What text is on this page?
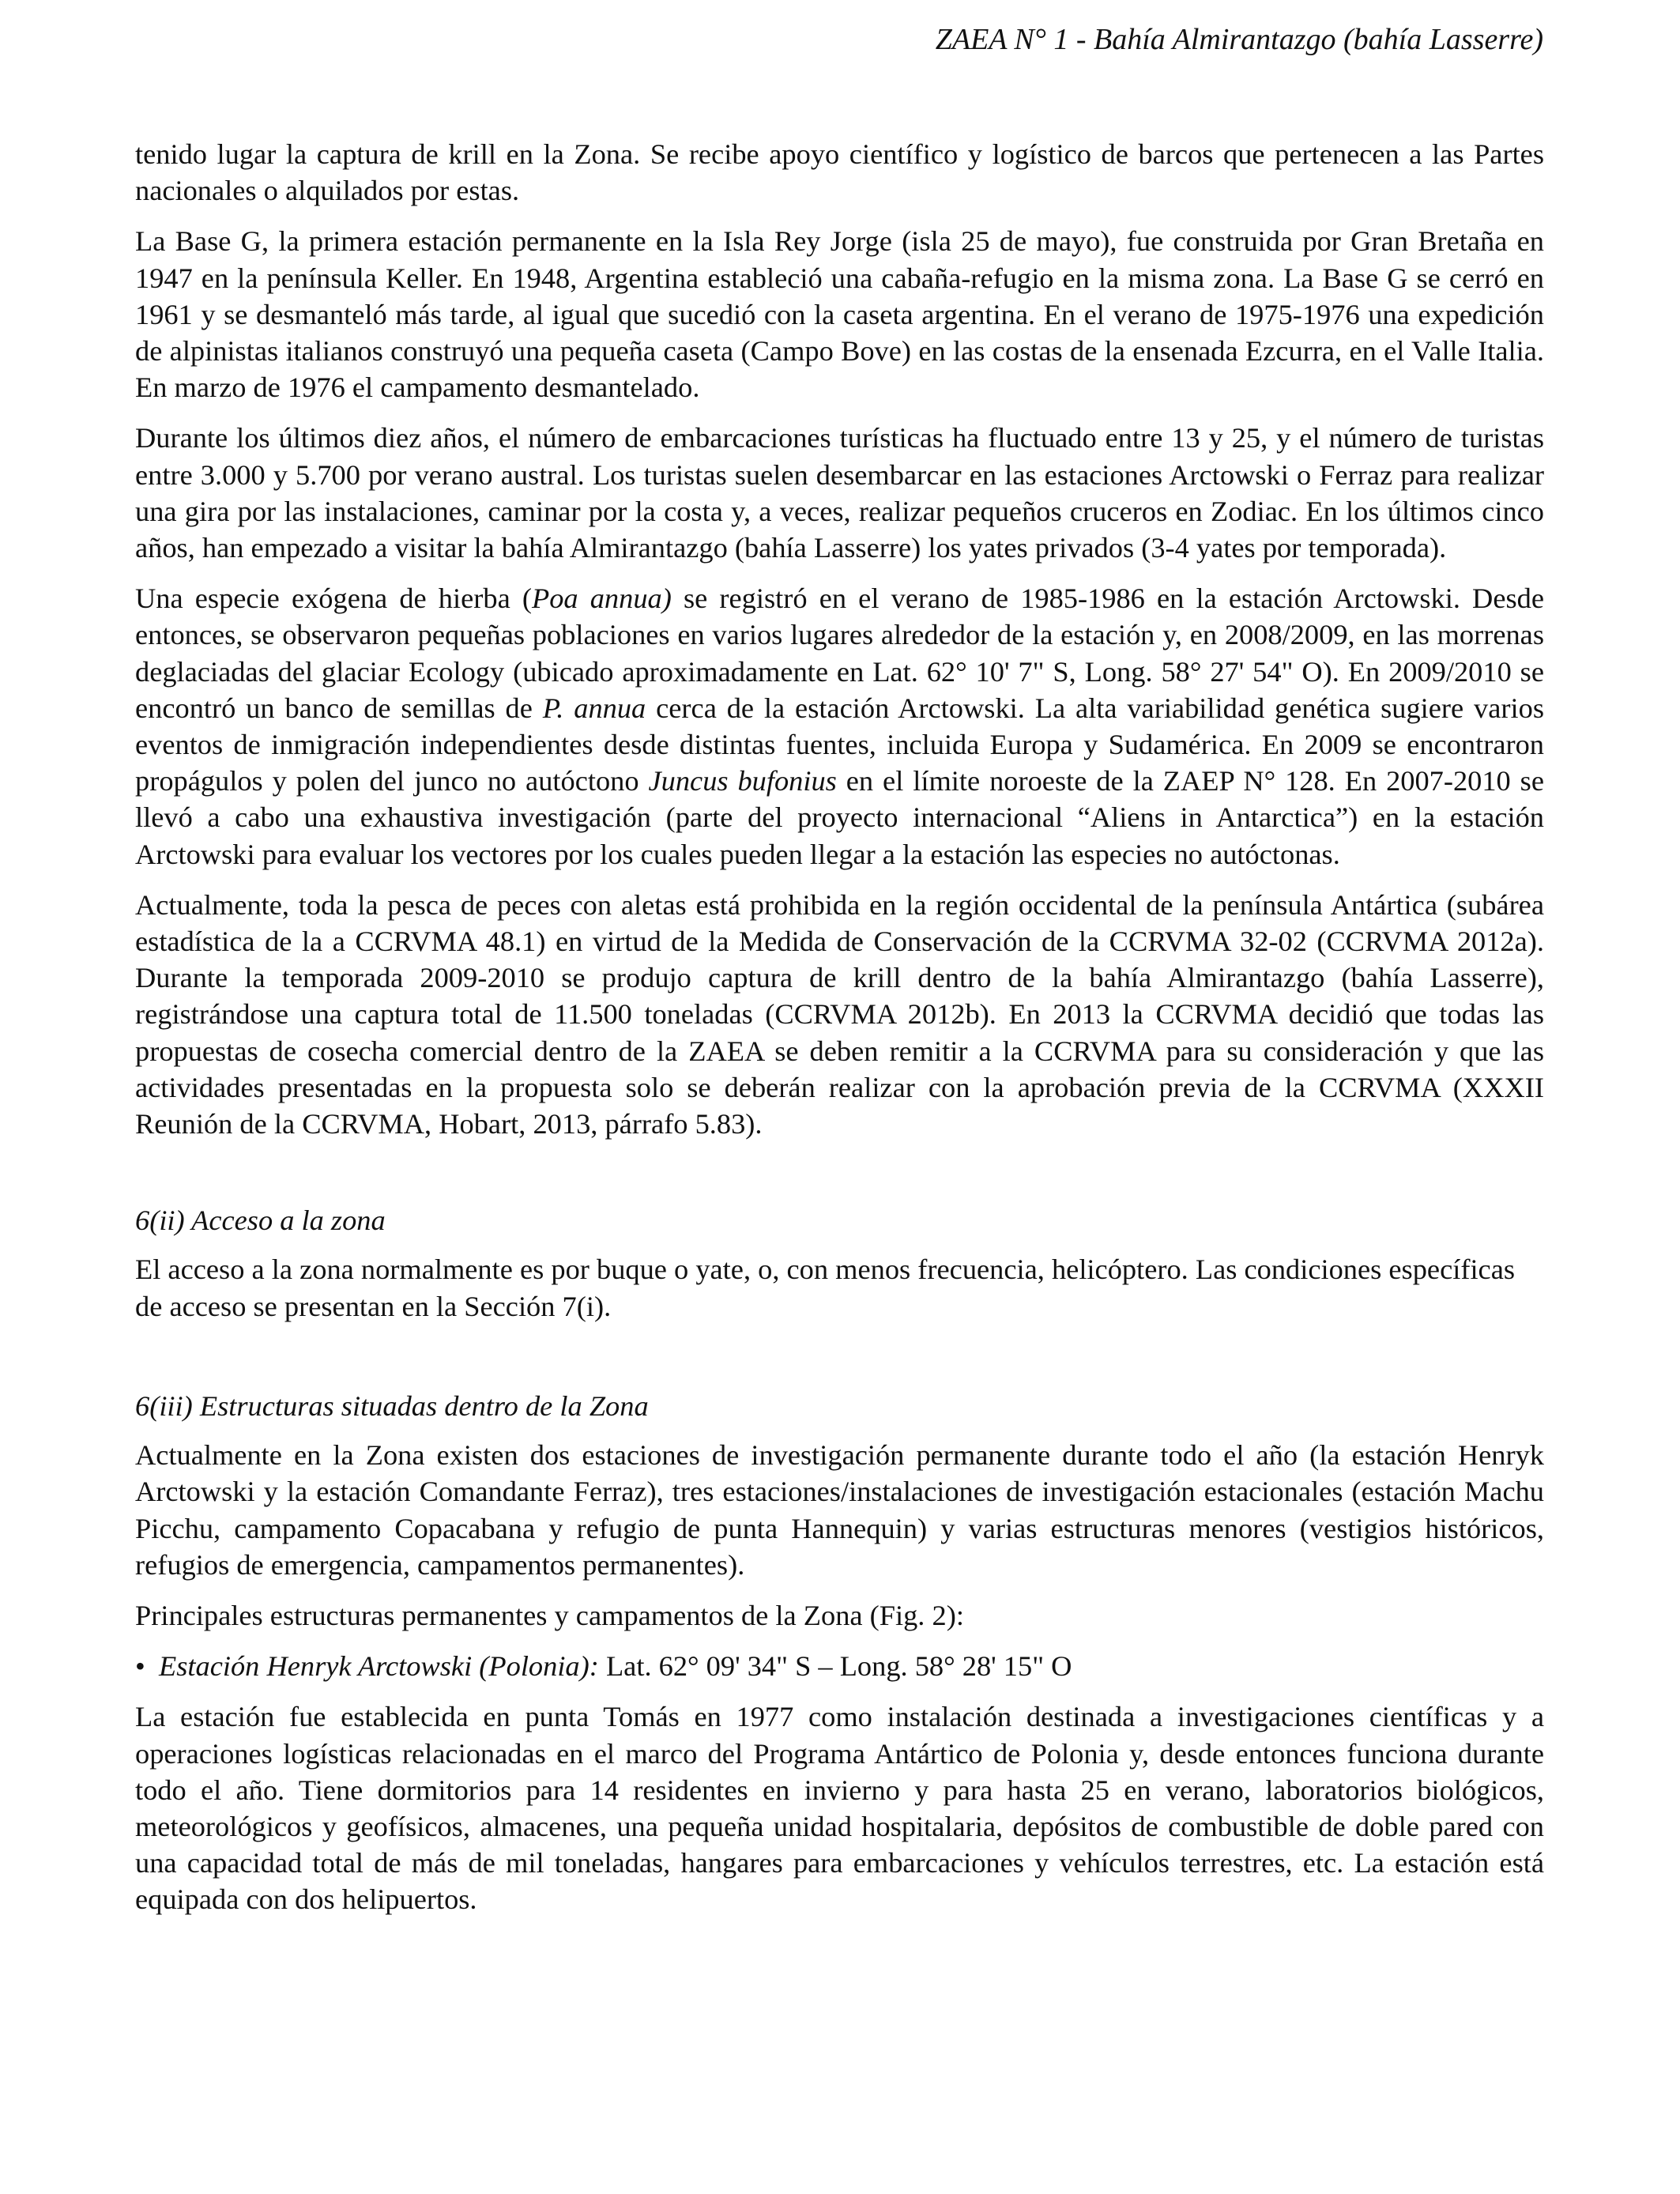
ZAEA N° 1 - Bahía Almirantazgo (bahía Lasserre)

tenido lugar la captura de krill en la Zona. Se recibe apoyo científico y logístico de barcos que pertenecen a las Partes nacionales o alquilados por estas.

La Base G, la primera estación permanente en la Isla Rey Jorge (isla 25 de mayo), fue construida por Gran Bretaña en 1947 en la península Keller. En 1948, Argentina estableció una cabaña-refugio en la misma zona. La Base G se cerró en 1961 y se desmanteló más tarde, al igual que sucedió con la caseta argentina. En el verano de 1975-1976 una expedición de alpinistas italianos construyó una pequeña caseta (Campo Bove) en las costas de la ensenada Ezcurra, en el Valle Italia. En marzo de 1976 el campamento desmantelado.

Durante los últimos diez años, el número de embarcaciones turísticas ha fluctuado entre 13 y 25, y el número de turistas entre 3.000 y 5.700 por verano austral. Los turistas suelen desembarcar en las estaciones Arctowski o Ferraz para realizar una gira por las instalaciones, caminar por la costa y, a veces, realizar pequeños cruceros en Zodiac. En los últimos cinco años, han empezado a visitar la bahía Almirantazgo (bahía Lasserre) los yates privados (3-4 yates por temporada).

Una especie exógena de hierba (Poa annua) se registró en el verano de 1985-1986 en la estación Arctowski. Desde entonces, se observaron pequeñas poblaciones en varios lugares alrededor de la estación y, en 2008/2009, en las morrenas deglaciadas del glaciar Ecology (ubicado aproximadamente en Lat. 62° 10' 7" S, Long. 58° 27' 54" O). En 2009/2010 se encontró un banco de semillas de P. annua cerca de la estación Arctowski. La alta variabilidad genética sugiere varios eventos de inmigración independientes desde distintas fuentes, incluida Europa y Sudamérica. En 2009 se encontraron propágulos y polen del junco no autóctono Juncus bufonius en el límite noroeste de la ZAEP N° 128. En 2007-2010 se llevó a cabo una exhaustiva investigación (parte del proyecto internacional “Aliens in Antarctica”) en la estación Arctowski para evaluar los vectores por los cuales pueden llegar a la estación las especies no autóctonas.

Actualmente, toda la pesca de peces con aletas está prohibida en la región occidental de la península Antártica (subárea estadística de la a CCRVMA 48.1) en virtud de la Medida de Conservación de la CCRVMA 32-02 (CCRVMA 2012a). Durante la temporada 2009-2010 se produjo captura de krill dentro de la bahía Almirantazgo (bahía Lasserre), registrándose una captura total de 11.500 toneladas (CCRVMA 2012b). En 2013 la CCRVMA decidió que todas las propuestas de cosecha comercial dentro de la ZAEA se deben remitir a la CCRVMA para su consideración y que las actividades presentadas en la propuesta solo se deberán realizar con la aprobación previa de la CCRVMA (XXXII Reunión de la CCRVMA, Hobart, 2013, párrafo 5.83).

6(ii) Acceso a la zona

El acceso a la zona normalmente es por buque o yate, o, con menos frecuencia, helicóptero. Las condiciones específicas de acceso se presentan en la Sección 7(i).

6(iii) Estructuras situadas dentro de la Zona

Actualmente en la Zona existen dos estaciones de investigación permanente durante todo el año (la estación Henryk Arctowski y la estación Comandante Ferraz), tres estaciones/instalaciones de investigación estacionales (estación Machu Picchu, campamento Copacabana y refugio de punta Hannequin) y varias estructuras menores (vestigios históricos, refugios de emergencia, campamentos permanentes).

Principales estructuras permanentes y campamentos de la Zona (Fig. 2):

• Estación Henryk Arctowski (Polonia): Lat. 62° 09' 34" S – Long. 58° 28' 15" O

La estación fue establecida en punta Tomás en 1977 como instalación destinada a investigaciones científicas y a operaciones logísticas relacionadas en el marco del Programa Antártico de Polonia y, desde entonces funciona durante todo el año. Tiene dormitorios para 14 residentes en invierno y para hasta 25 en verano, laboratorios biológicos, meteorológicos y geofísicos, almacenes, una pequeña unidad hospitalaria, depósitos de combustible de doble pared con una capacidad total de más de mil toneladas, hangares para embarcaciones y vehículos terrestres, etc. La estación está equipada con dos helipuertos.
